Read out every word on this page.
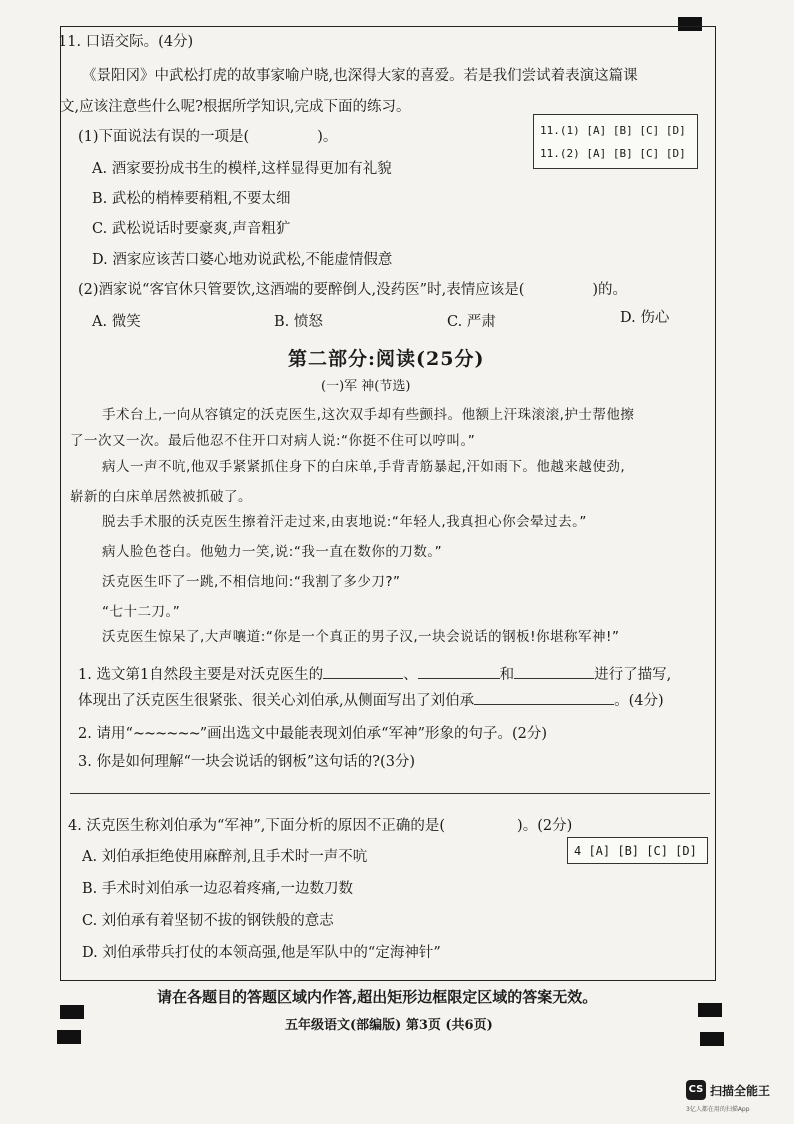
11. 口语交际。(4分)
《景阳冈》中武松打虎的故事家喻户晓,也深得大家的喜爱。若是我们尝试着表演这篇课
文,应该注意些什么呢?根据所学知识,完成下面的练习。
(1)下面说法有误的一项是(	)。
A. 酒家要扮成书生的模样,这样显得更加有礼貌
B. 武松的梢棒要稍粗,不要太细
C. 武松说话时要豪爽,声音粗犷
D. 酒家应该苦口婆心地劝说武松,不能虚情假意
11.(1) [A] [B] [C] [D]
11.(2) [A] [B] [C] [D]
(2)酒家说“客官休只管要饮,这酒端的要醉倒人,没药医”时,表情应该是(	)的。
A. 微笑	B. 愤怒	C. 严肃	D. 伤心
第二部分:阅读(25分)
(一)军 神(节选)
手术台上,一向从容镇定的沃克医生,这次双手却有些颤抖。他额上汗珠滚滚,护士帮他擦
了一次又一次。最后他忍不住开口对病人说:“你挺不住可以哼叫。”
病人一声不吭,他双手紧紧抓住身下的白床单,手背青筋暴起,汗如雨下。他越来越使劲,
崭新的白床单居然被抓破了。
脱去手术服的沃克医生擦着汗走过来,由衷地说:“年轻人,我真担心你会晕过去。”
病人脸色苍白。他勉力一笑,说:“我一直在数你的刀数。”
沃克医生吓了一跳,不相信地问:“我割了多少刀?”
“七十二刀。”
沃克医生惊呆了,大声嚷道:“你是一个真正的男子汉,一块会说话的钢板!你堪称军神!”
1. 选文第1自然段主要是对沃克医生的	、	和	进行了描写,
体现出了沃克医生很紧张、很关心刘伯承,从侧面写出了刘伯承	。(4分)
2. 请用“~~~~~~”画出选文中最能表现刘伯承“军神”形象的句子。(2分)
3. 你是如何理解“一块会说话的钢板”这句话的?(3分)
4. 沃克医生称刘伯承为“军神”,下面分析的原因不正确的是(	)。(2分)
4 [A] [B] [C] [D]
A. 刘伯承拒绝使用麻醉剂,且手术时一声不吭
B. 手术时刘伯承一边忍着疼痛,一边数刀数
C. 刘伯承有着坚韧不拔的钢铁般的意志
D. 刘伯承带兵打仗的本领高强,他是军队中的“定海神针”
请在各题目的答题区域内作答,超出矩形边框限定区域的答案无效。
五年级语文(部编版) 第3页 (共6页)
CS 扫描全能王
3亿人都在用的扫描App
